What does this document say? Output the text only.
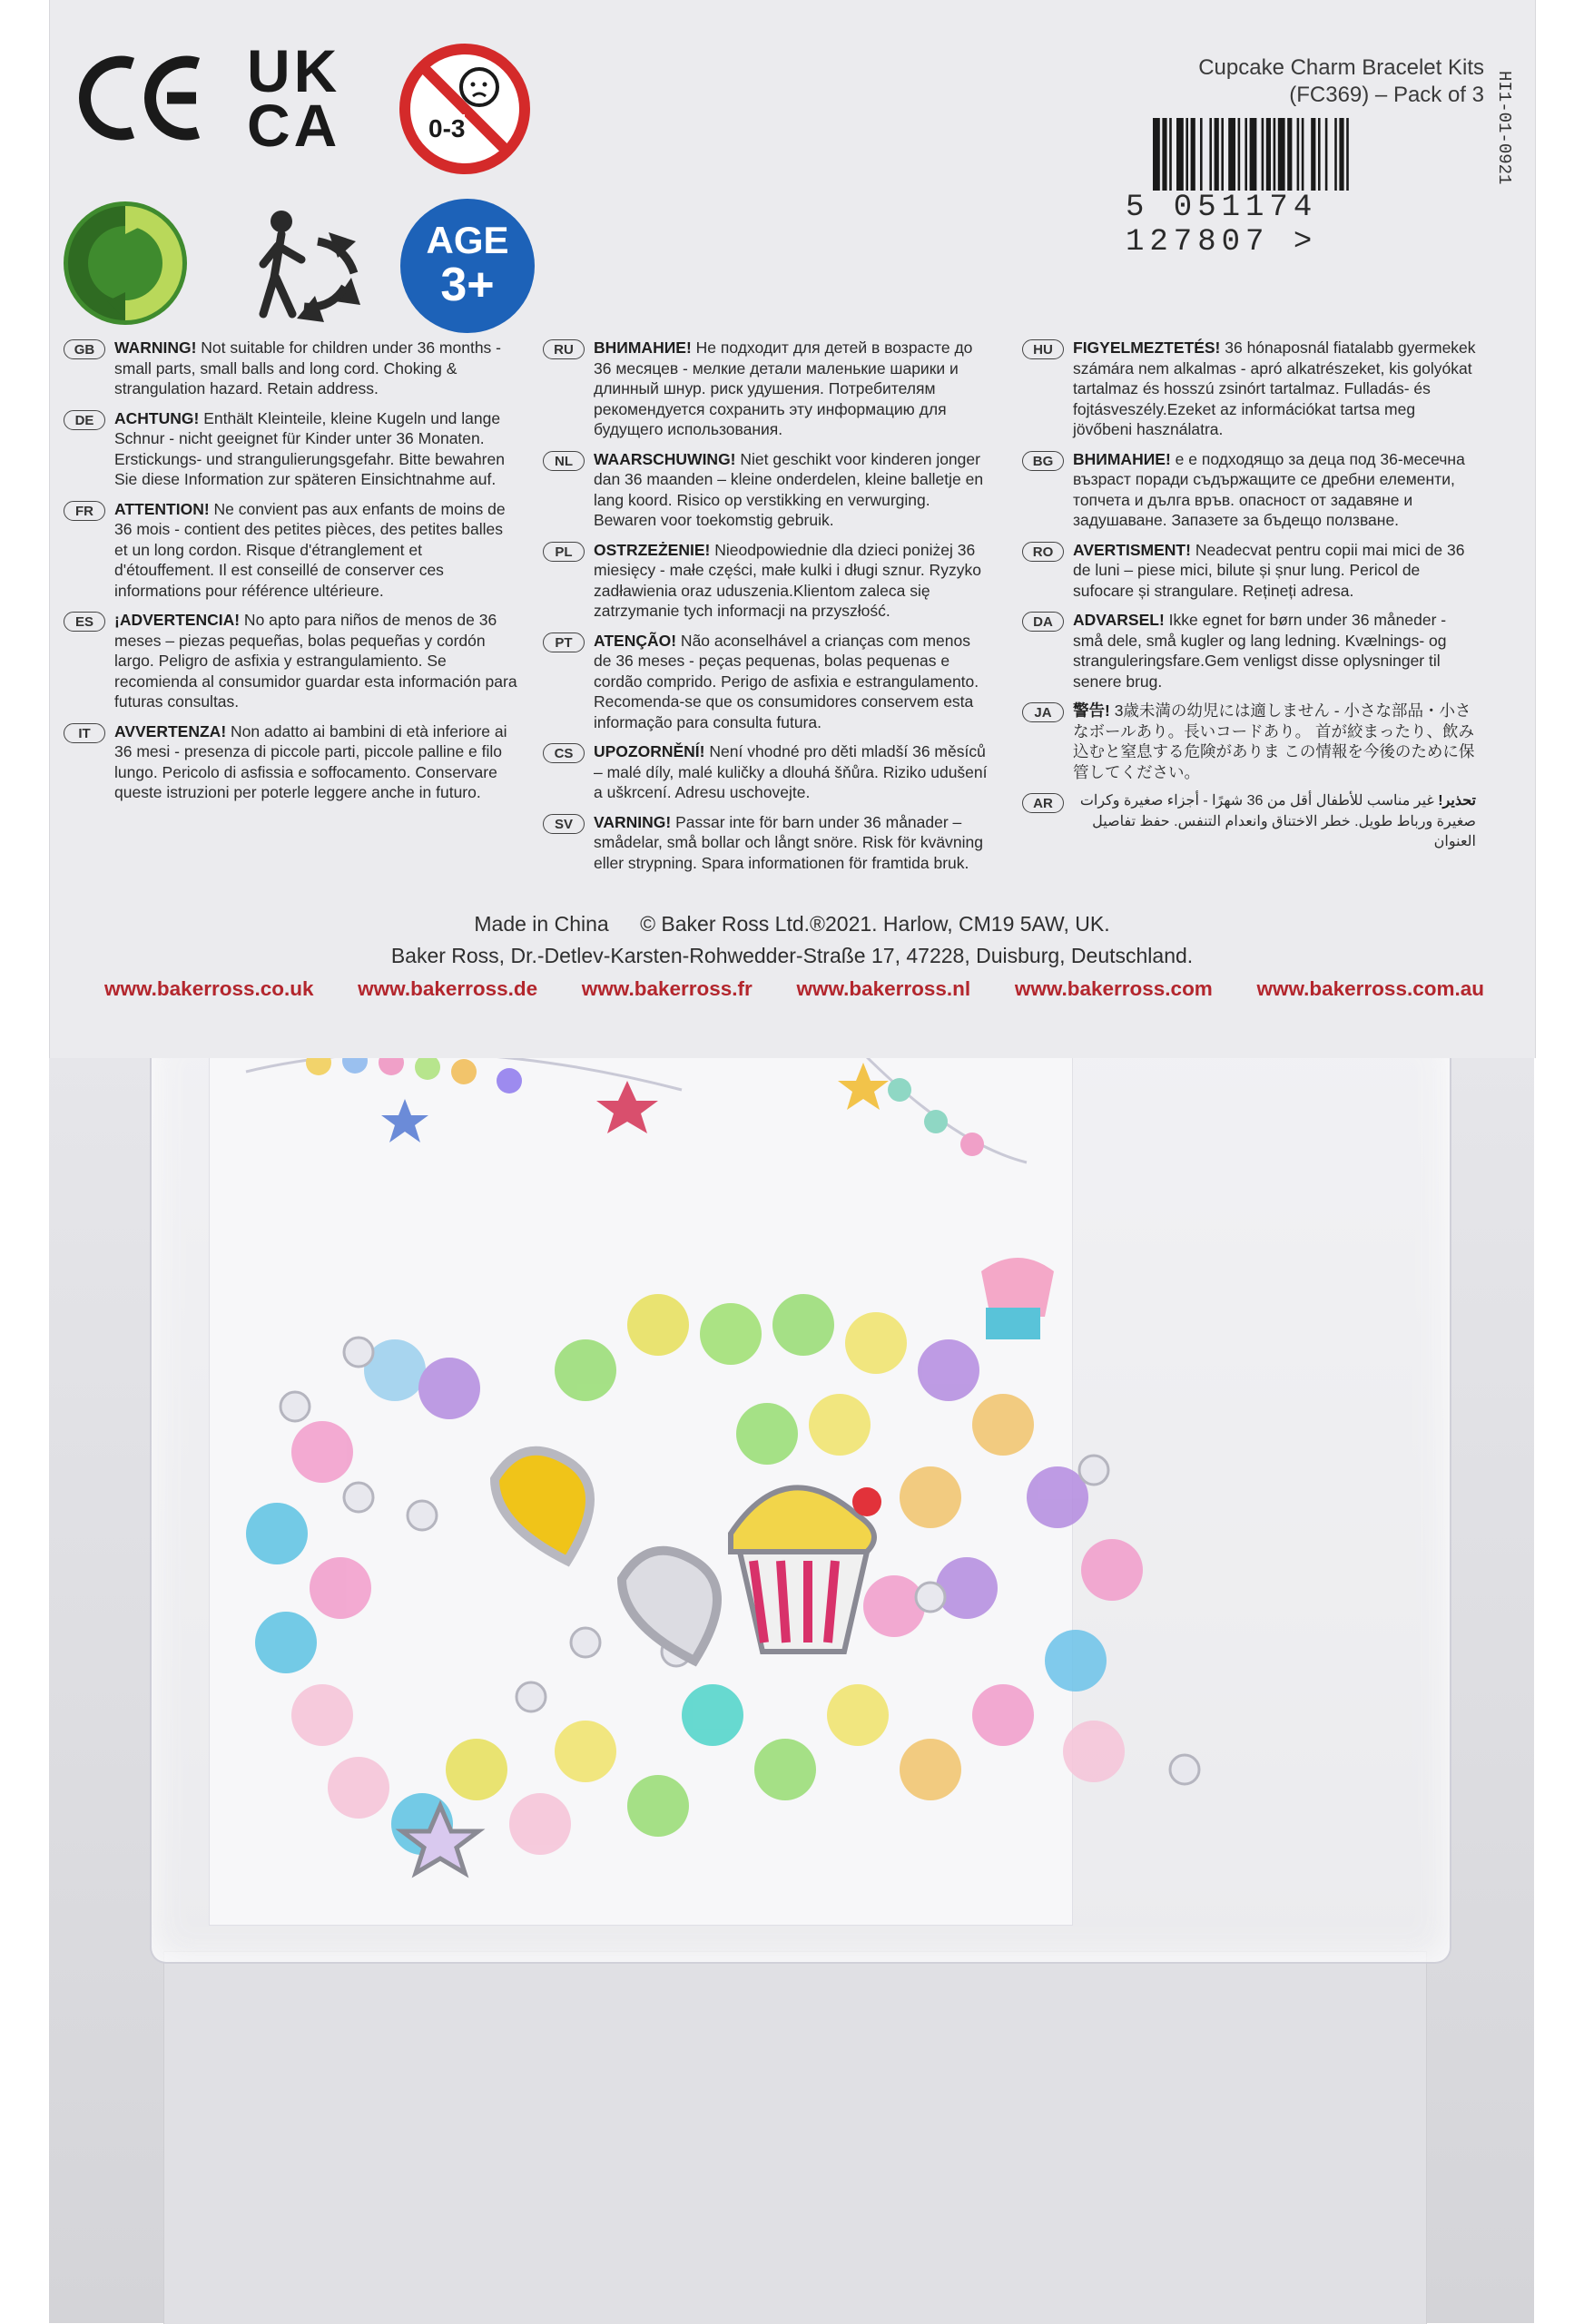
UK
CA	0-3
AGE
3+
Cupcake Charm Bracelet Kits
(FC369) – Pack of 3
5 051174 127807 >
HI1-01-0921
GB	WARNING! Not suitable for children under 36 months - small parts, small balls and long cord. Choking & strangulation hazard. Retain address.
DE	ACHTUNG! Enthält Kleinteile, kleine Kugeln und lange Schnur - nicht geeignet für Kinder unter 36 Monaten. Erstickungs- und strangulierungsgefahr. Bitte bewahren Sie diese Information zur späteren Einsichtnahme auf.
FR	ATTENTION! Ne convient pas aux enfants de moins de 36 mois - contient des petites pièces, des petites balles et un long cordon. Risque d'étranglement et d'étouffement. Il est conseillé de conserver ces informations pour référence ultérieure.
ES	¡ADVERTENCIA! No apto para niños de menos de 36 meses – piezas pequeñas, bolas pequeñas y cordón largo. Peligro de asfixia y estrangulamiento. Se recomienda al consumidor guardar esta información para futuras consultas.
IT	AVVERTENZA! Non adatto ai bambini di età inferiore ai 36 mesi - presenza di piccole parti, piccole palline e filo lungo. Pericolo di asfissia e soffocamento. Conservare queste istruzioni per poterle leggere anche in futuro.
RU	ВНИМАНИЕ! Не подходит для детей в возрасте до 36 месяцев - мелкие детали маленькие шарики и длинный шнур. риск удушения. Потребителям рекомендуется сохранить эту информацию для будущего использования.
NL	WAARSCHUWING! Niet geschikt voor kinderen jonger dan 36 maanden – kleine onderdelen, kleine balletje en lang koord. Risico op verstikking en verwurging. Bewaren voor toekomstig gebruik.
PL	OSTRZEŻENIE! Nieodpowiednie dla dzieci poniżej 36 miesięcy - małe części, małe kulki i długi sznur. Ryzyko zadławienia oraz uduszenia.Klientom zaleca się zatrzymanie tych informacji na przyszłość.
PT	ATENÇÃO! Não aconselhável a crianças com menos de 36 meses - peças pequenas, bolas pequenas e cordão comprido. Perigo de asfixia e estrangulamento. Recomenda-se que os consumidores conservem esta informação para consulta futura.
CS	UPOZORNĚNÍ! Není vhodné pro děti mladší 36 měsíců – malé díly, malé kuličky a dlouhá šňůra. Riziko udušení a uškrcení. Adresu uschovejte.
SV	VARNING! Passar inte för barn under 36 månader – smådelar, små bollar och långt snöre. Risk för kvävning eller strypning. Spara informationen för framtida bruk.
HU	FIGYELMEZTETÉS! 36 hónaposnál fiatalabb gyermekek számára nem alkalmas - apró alkatrészeket, kis golyókat tartalmaz és hosszú zsinórt tartalmaz. Fulladás- és fojtásveszély.Ezeket az információkat tartsa meg jövőbeni használatra.
BG	ВНИМАНИЕ! е е подходящо за деца под 36-месечна възраст поради съдържащите се дребни елементи, топчета и дълга връв. опасност от задавяне и задушаване. Запазете за бъдещо ползване.
RO	AVERTISMENT! Neadecvat pentru copii mai mici de 36 de luni – piese mici, bilute și șnur lung. Pericol de sufocare și strangulare. Rețineți adresa.
DA	ADVARSEL! Ikke egnet for børn under 36 måneder - små dele, små kugler og lang ledning. Kvælnings- og stranguleringsfare.Gem venligst disse oplysninger til senere brug.
JA	警告! 3歳未満の幼児には適しません - 小さな部品・小さなボールあり。長いコードあり。 首が絞まったり、飲み込むと窒息する危険がありま この情報を今後のために保管してください。
AR	تحذير! غير مناسب للأطفال أقل من 36 شهرًا - أجزاء صغيرة وكرات صغيرة ورباط طويل. خطر الاختناق وانعدام التنفس. حفظ تفاصيل العنوان
Made in China © Baker Ross Ltd.®2021. Harlow, CM19 5AW, UK.
Baker Ross, Dr.-Detlev-Karsten-Rohwedder-Straße 17, 47228, Duisburg, Deutschland.
www.bakerross.co.uk www.bakerross.de www.bakerross.fr www.bakerross.nl www.bakerross.com www.bakerross.com.au
